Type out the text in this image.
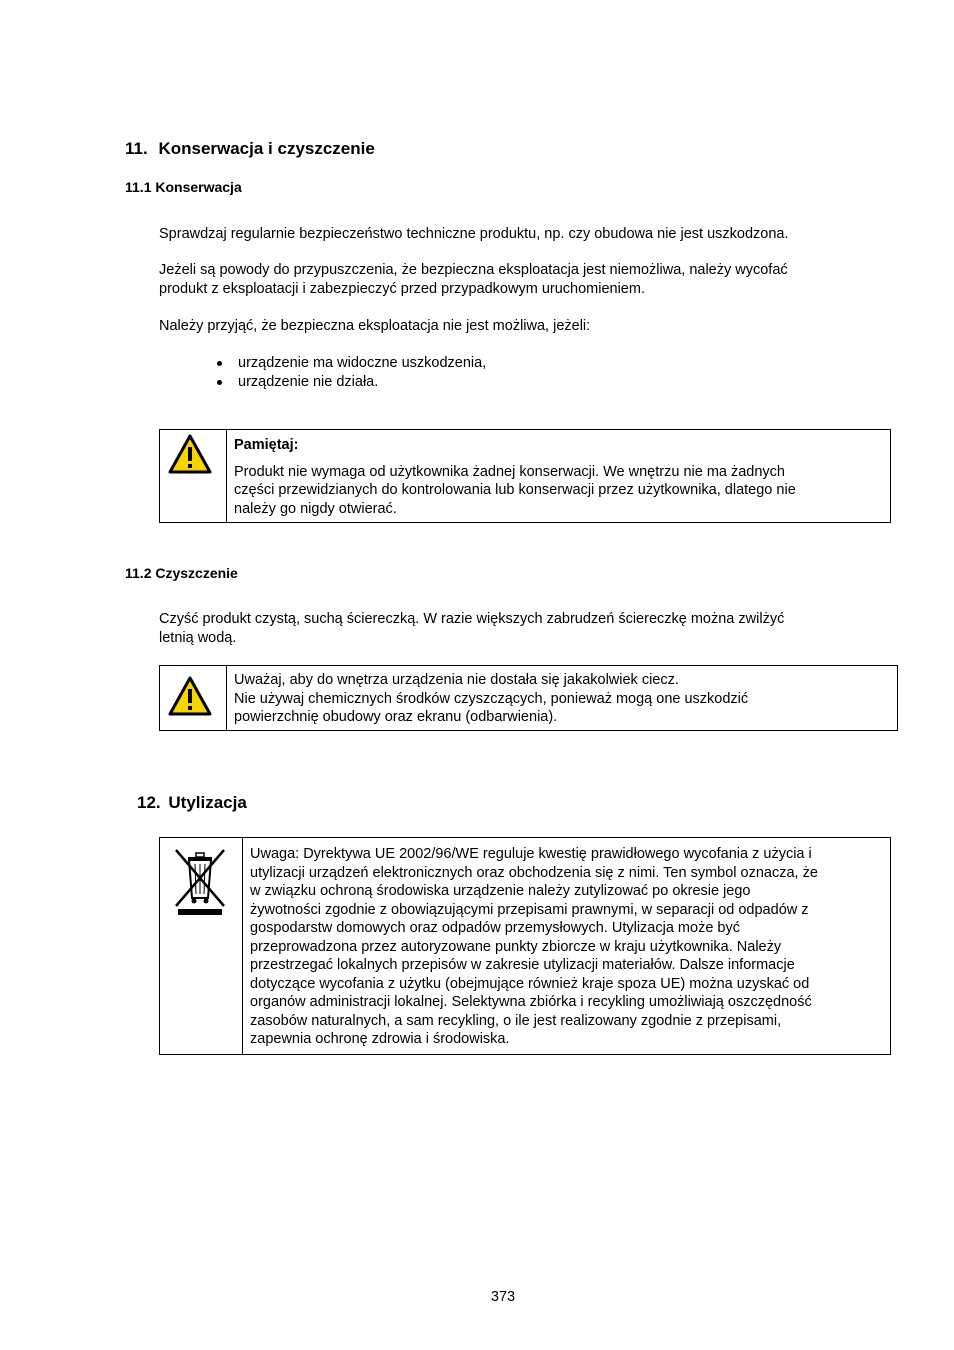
11. Konserwacja i czyszczenie
11.1 Konserwacja
Sprawdzaj regularnie bezpieczeństwo techniczne produktu, np. czy obudowa nie jest uszkodzona.
Jeżeli są powody do przypuszczenia, że bezpieczna eksploatacja jest niemożliwa, należy wycofać
produkt z eksploatacji i zabezpieczyć przed przypadkowym uruchomieniem.
Należy przyjąć, że bezpieczna eksploatacja nie jest możliwa, jeżeli:
urządzenie ma widoczne uszkodzenia,
urządzenie nie działa.
Pamiętaj:
Produkt nie wymaga od użytkownika żadnej konserwacji. We wnętrzu nie ma żadnych
części przewidzianych do kontrolowania lub konserwacji przez użytkownika, dlatego nie
należy go nigdy otwierać.
11.2 Czyszczenie
Czyść produkt czystą, suchą ściereczką. W razie większych zabrudzeń ściereczkę można zwilżyć
letnią wodą.
Uważaj, aby do wnętrza urządzenia nie dostała się jakakolwiek ciecz.
Nie używaj chemicznych środków czyszczących, ponieważ mogą one uszkodzić
powierzchnię obudowy oraz ekranu (odbarwienia).
12. Utylizacja
Uwaga: Dyrektywa UE 2002/96/WE reguluje kwestię prawidłowego wycofania z użycia i
utylizacji urządzeń elektronicznych oraz obchodzenia się z nimi. Ten symbol oznacza, że
w związku ochroną środowiska urządzenie należy zutylizować po okresie jego
żywotności zgodnie z obowiązującymi przepisami prawnymi, w separacji od odpadów z
gospodarstw domowych oraz odpadów przemysłowych. Utylizacja może być
przeprowadzona przez autoryzowane punkty zbiorcze w kraju użytkownika. Należy
przestrzegać lokalnych przepisów w zakresie utylizacji materiałów. Dalsze informacje
dotyczące wycofania z użytku (obejmujące również kraje spoza UE) można uzyskać od
organów administracji lokalnej. Selektywna zbiórka i recykling umożliwiają oszczędność
zasobów naturalnych, a sam recykling, o ile jest realizowany zgodnie z przepisami,
zapewnia ochronę zdrowia i środowiska.
373
